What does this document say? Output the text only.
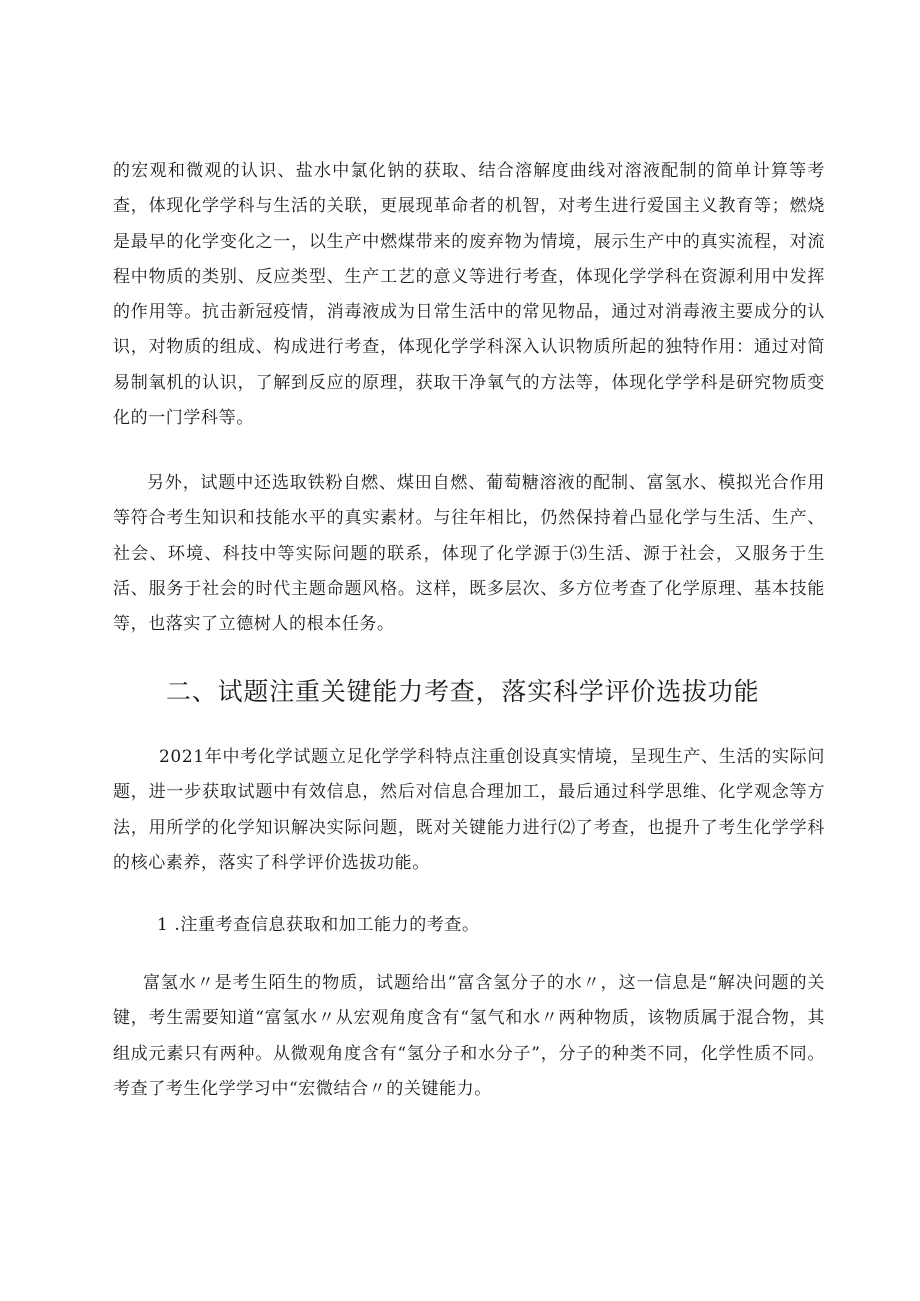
的宏观和微观的认识、盐水中氯化钠的获取、结合溶解度曲线对溶液配制的简单计算等考查，体现化学学科与生活的关联，更展现革命者的机智，对考生进行爱国主义教育等；燃烧是最早的化学变化之一，以生产中燃煤带来的废弃物为情境，展示生产中的真实流程，对流程中物质的类别、反应类型、生产工艺的意义等进行考查，体现化学学科在资源利用中发挥的作用等。抗击新冠疫情，消毒液成为日常生活中的常见物品，通过对消毒液主要成分的认识，对物质的组成、构成进行考查，体现化学学科深入认识物质所起的独特作用：通过对简易制氧机的认识，了解到反应的原理，获取干净氧气的方法等，体现化学学科是研究物质变化的一门学科等。

另外，试题中还选取铁粉自燃、煤田自燃、葡萄糖溶液的配制、富氢水、模拟光合作用等符合考生知识和技能水平的真实素材。与往年相比，仍然保持着凸显化学与生活、生产、社会、环境、科技中等实际问题的联系，体现了化学源于⑶生活、源于社会，又服务于生活、服务于社会的时代主题命题风格。这样，既多层次、多方位考查了化学原理、基本技能等，也落实了立德树人的根本任务。

二、试题注重关键能力考查，落实科学评价选拔功能

2021年中考化学试题立足化学学科特点注重创设真实情境，呈现生产、生活的实际问题，进一步获取试题中有效信息，然后对信息合理加工，最后通过科学思维、化学观念等方法，用所学的化学知识解决实际问题，既对关键能力进行⑵了考查，也提升了考生化学学科的核心素养，落实了科学评价选拔功能。

1 .注重考查信息获取和加工能力的考查。

富氢水〃是考生陌生的物质，试题给出“富含氢分子的水〃，这一信息是“解决问题的关键，考生需要知道“富氢水〃从宏观角度含有“氢气和水〃两种物质，该物质属于混合物，其组成元素只有两种。从微观角度含有“氢分子和水分子”，分子的种类不同，化学性质不同。考查了考生化学学习中“宏微结合〃的关键能力。
